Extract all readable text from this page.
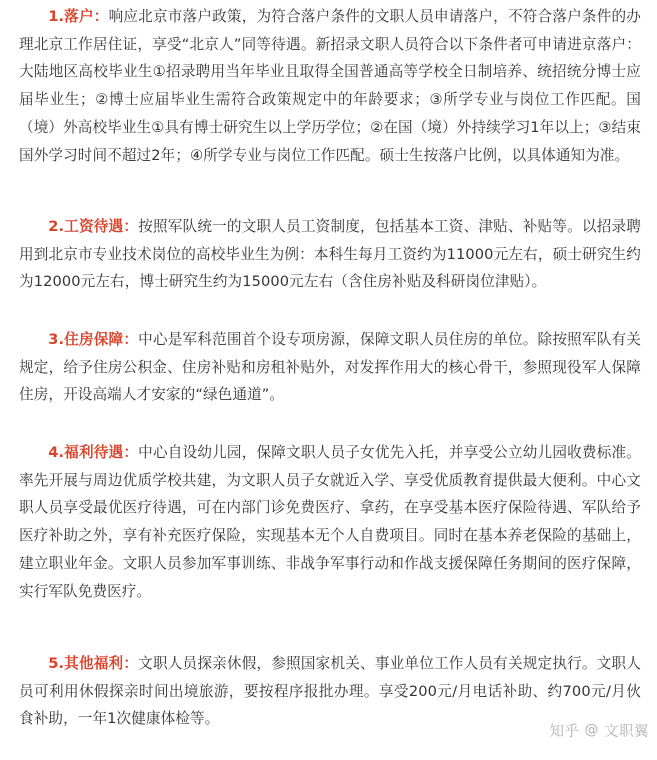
1.落户：响应北京市落户政策，为符合落户条件的文职人员申请落户，不符合落户条件的办理北京工作居住证，享受“北京人”同等待遇。新招录文职人员符合以下条件者可申请进京落户：大陆地区高校毕业生①招录聘用当年毕业且取得全国普通高等学校全日制培养、统招统分博士应届毕业生；②博士应届毕业生需符合政策规定中的年龄要求；③所学专业与岗位工作匹配。国（境）外高校毕业生①具有博士研究生以上学历学位；②在国（境）外持续学习1年以上；③结束国外学习时间不超过2年；④所学专业与岗位工作匹配。硕士生按落户比例，以具体通知为准。

2.工资待遇：按照军队统一的文职人员工资制度，包括基本工资、津贴、补贴等。以招录聘用到北京市专业技术岗位的高校毕业生为例：本科生每月工资约为11000元左右，硕士研究生约为12000元左右，博士研究生约为15000元左右（含住房补贴及科研岗位津贴）。

3.住房保障：中心是军科范围首个设专项房源，保障文职人员住房的单位。除按照军队有关规定，给予住房公积金、住房补贴和房租补贴外，对发挥作用大的核心骨干，参照现役军人保障住房，开设高端人才安家的“绿色通道”。

4.福利待遇：中心自设幼儿园，保障文职人员子女优先入托，并享受公立幼儿园收费标准。率先开展与周边优质学校共建，为文职人员子女就近入学、享受优质教育提供最大便利。中心文职人员享受最优医疗待遇，可在内部门诊免费医疗、拿药，在享受基本医疗保险待遇、军队给予医疗补助之外，享有补充医疗保险，实现基本无个人自费项目。同时在基本养老保险的基础上，建立职业年金。文职人员参加军事训练、非战争军事行动和作战支援保障任务期间的医疗保障，实行军队免费医疗。

5.其他福利：文职人员探亲休假，参照国家机关、事业单位工作人员有关规定执行。文职人员可利用休假探亲时间出境旅游，要按程序报批办理。享受200元/月电话补助、约700元/月伙食补助，一年1次健康体检等。

知乎 @ 文职翼
